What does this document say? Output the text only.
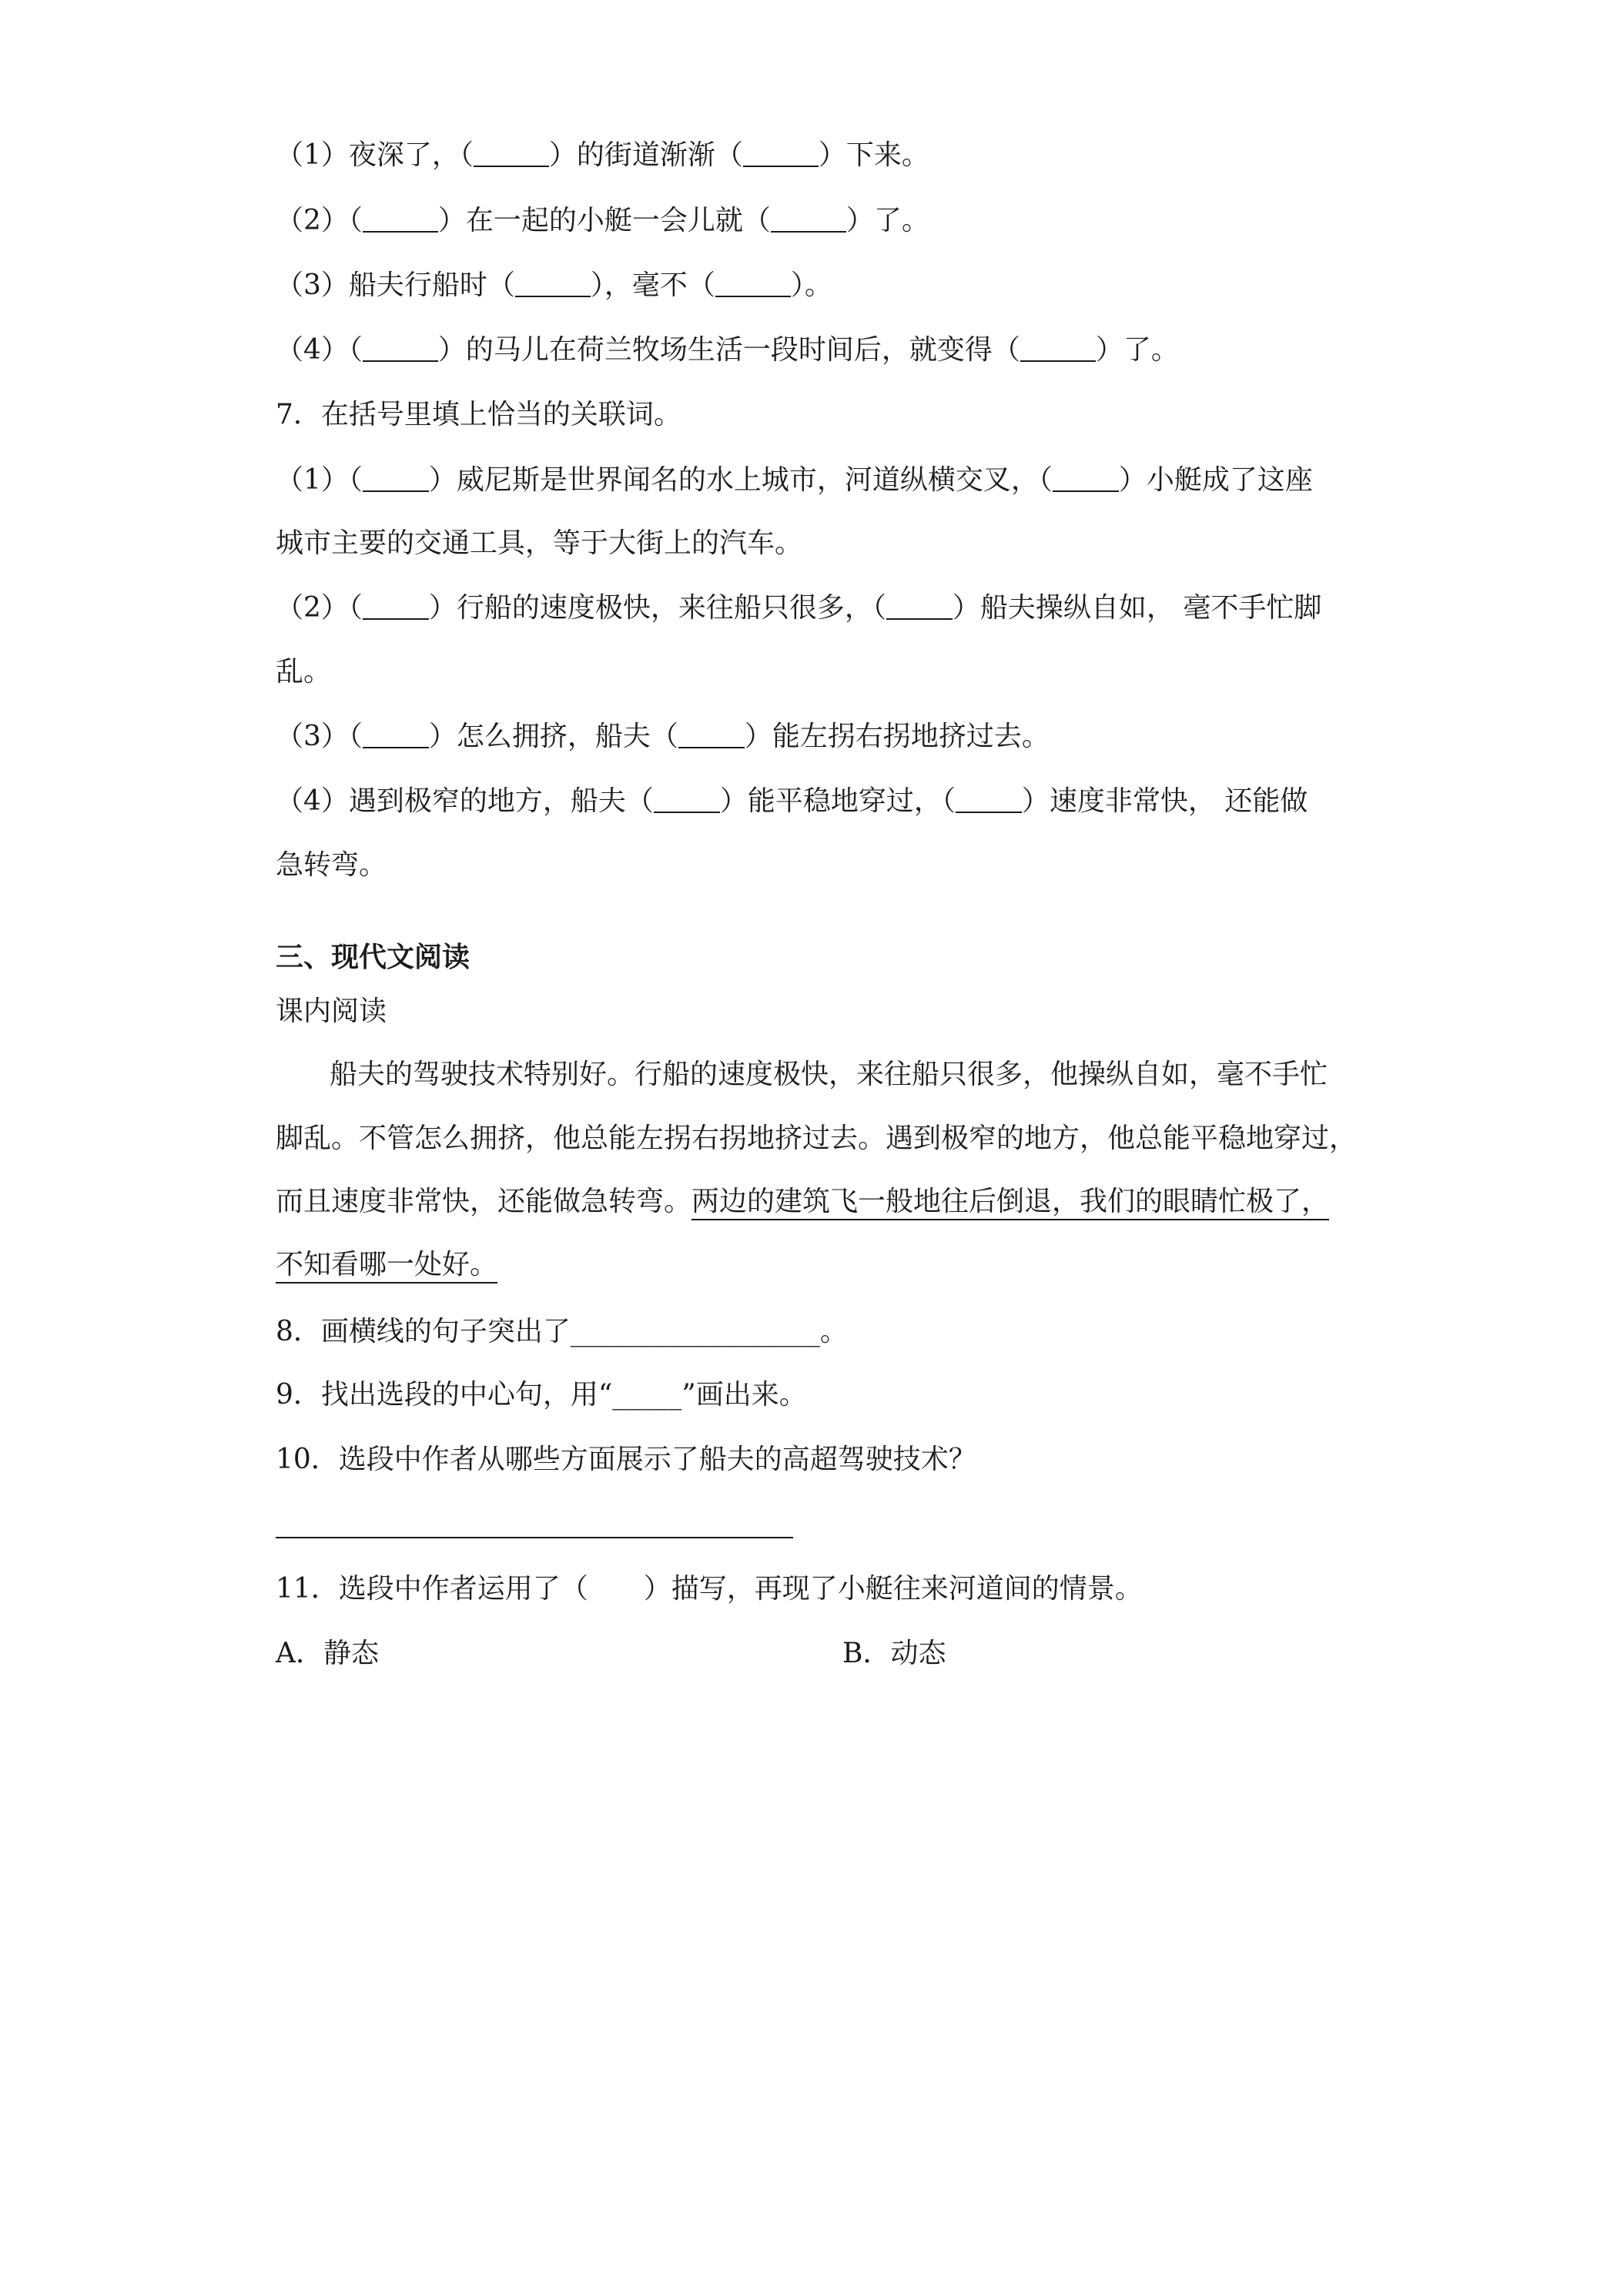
（1）夜深了，（	）的街道渐渐（	）下来。
（2）（	）在一起的小艇一会儿就（	）了。
（3）船夫行船时（	），毫不（	）。
（4）（	）的马儿在荷兰牧场生活一段时间后，就变得（	）了。
7．在括号里填上恰当的关联词。
（1）（ ）威尼斯是世界闻名的水上城市，河道纵横交叉，（ ）小艇成了这座
城市主要的交通工具，等于大街上的汽车。
（2）（ ）行船的速度极快，来往船只很多，（ ）船夫操纵自如， 毫不手忙脚
乱。
（3）（ ）怎么拥挤，船夫（ ）能左拐右拐地挤过去。
（4）遇到极窄的地方，船夫（ ）能平稳地穿过，（ ）速度非常快， 还能做
急转弯。
三、现代文阅读
课内阅读
船夫的驾驶技术特别好。行船的速度极快，来往船只很多，他操纵自如，毫不手忙
脚乱。不管怎么拥挤，他总能左拐右拐地挤过去。遇到极窄的地方，他总能平稳地穿过，
而且速度非常快，还能做急转弯。两边的建筑飞一般地往后倒退，我们的眼睛忙极了，
不知看哪一处好。
8．画横线的句子突出了__________________。
9．找出选段的中心句，用“_____”画出来。
10．选段中作者从哪些方面展示了船夫的高超驾驶技术？
11．选段中作者运用了（　　）描写，再现了小艇往来河道间的情景。
A．静态	B．动态
